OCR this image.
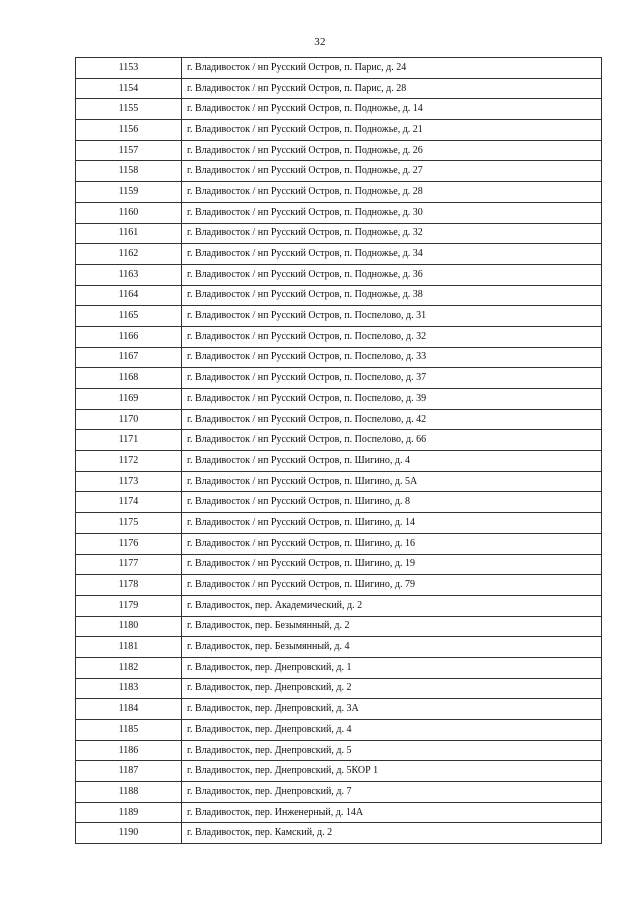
32
1153	г. Владивосток / нп Русский Остров, п. Парис, д. 24
1154	г. Владивосток / нп Русский Остров, п. Парис, д. 28
1155	г. Владивосток / нп Русский Остров, п. Подножье, д. 14
1156	г. Владивосток / нп Русский Остров, п. Подножье, д. 21
1157	г. Владивосток / нп Русский Остров, п. Подножье, д. 26
1158	г. Владивосток / нп Русский Остров, п. Подножье, д. 27
1159	г. Владивосток / нп Русский Остров, п. Подножье, д. 28
1160	г. Владивосток / нп Русский Остров, п. Подножье, д. 30
1161	г. Владивосток / нп Русский Остров, п. Подножье, д. 32
1162	г. Владивосток / нп Русский Остров, п. Подножье, д. 34
1163	г. Владивосток / нп Русский Остров, п. Подножье, д. 36
1164	г. Владивосток / нп Русский Остров, п. Подножье, д. 38
1165	г. Владивосток / нп Русский Остров, п. Поспелово, д. 31
1166	г. Владивосток / нп Русский Остров, п. Поспелово, д. 32
1167	г. Владивосток / нп Русский Остров, п. Поспелово, д. 33
1168	г. Владивосток / нп Русский Остров, п. Поспелово, д. 37
1169	г. Владивосток / нп Русский Остров, п. Поспелово, д. 39
1170	г. Владивосток / нп Русский Остров, п. Поспелово, д. 42
1171	г. Владивосток / нп Русский Остров, п. Поспелово, д. 66
1172	г. Владивосток / нп Русский Остров, п. Шигино, д. 4
1173	г. Владивосток / нп Русский Остров, п. Шигино, д. 5А
1174	г. Владивосток / нп Русский Остров, п. Шигино, д. 8
1175	г. Владивосток / нп Русский Остров, п. Шигино, д. 14
1176	г. Владивосток / нп Русский Остров, п. Шигино, д. 16
1177	г. Владивосток / нп Русский Остров, п. Шигино, д. 19
1178	г. Владивосток / нп Русский Остров, п. Шигино, д. 79
1179	г. Владивосток, пер. Академический, д. 2
1180	г. Владивосток, пер. Безымянный, д. 2
1181	г. Владивосток, пер. Безымянный, д. 4
1182	г. Владивосток, пер. Днепровский, д. 1
1183	г. Владивосток, пер. Днепровский, д. 2
1184	г. Владивосток, пер. Днепровский, д. 3А
1185	г. Владивосток, пер. Днепровский, д. 4
1186	г. Владивосток, пер. Днепровский, д. 5
1187	г. Владивосток, пер. Днепровский, д. 5КОР 1
1188	г. Владивосток, пер. Днепровский, д. 7
1189	г. Владивосток, пер. Инженерный, д. 14А
1190	г. Владивосток, пер. Камский, д. 2
